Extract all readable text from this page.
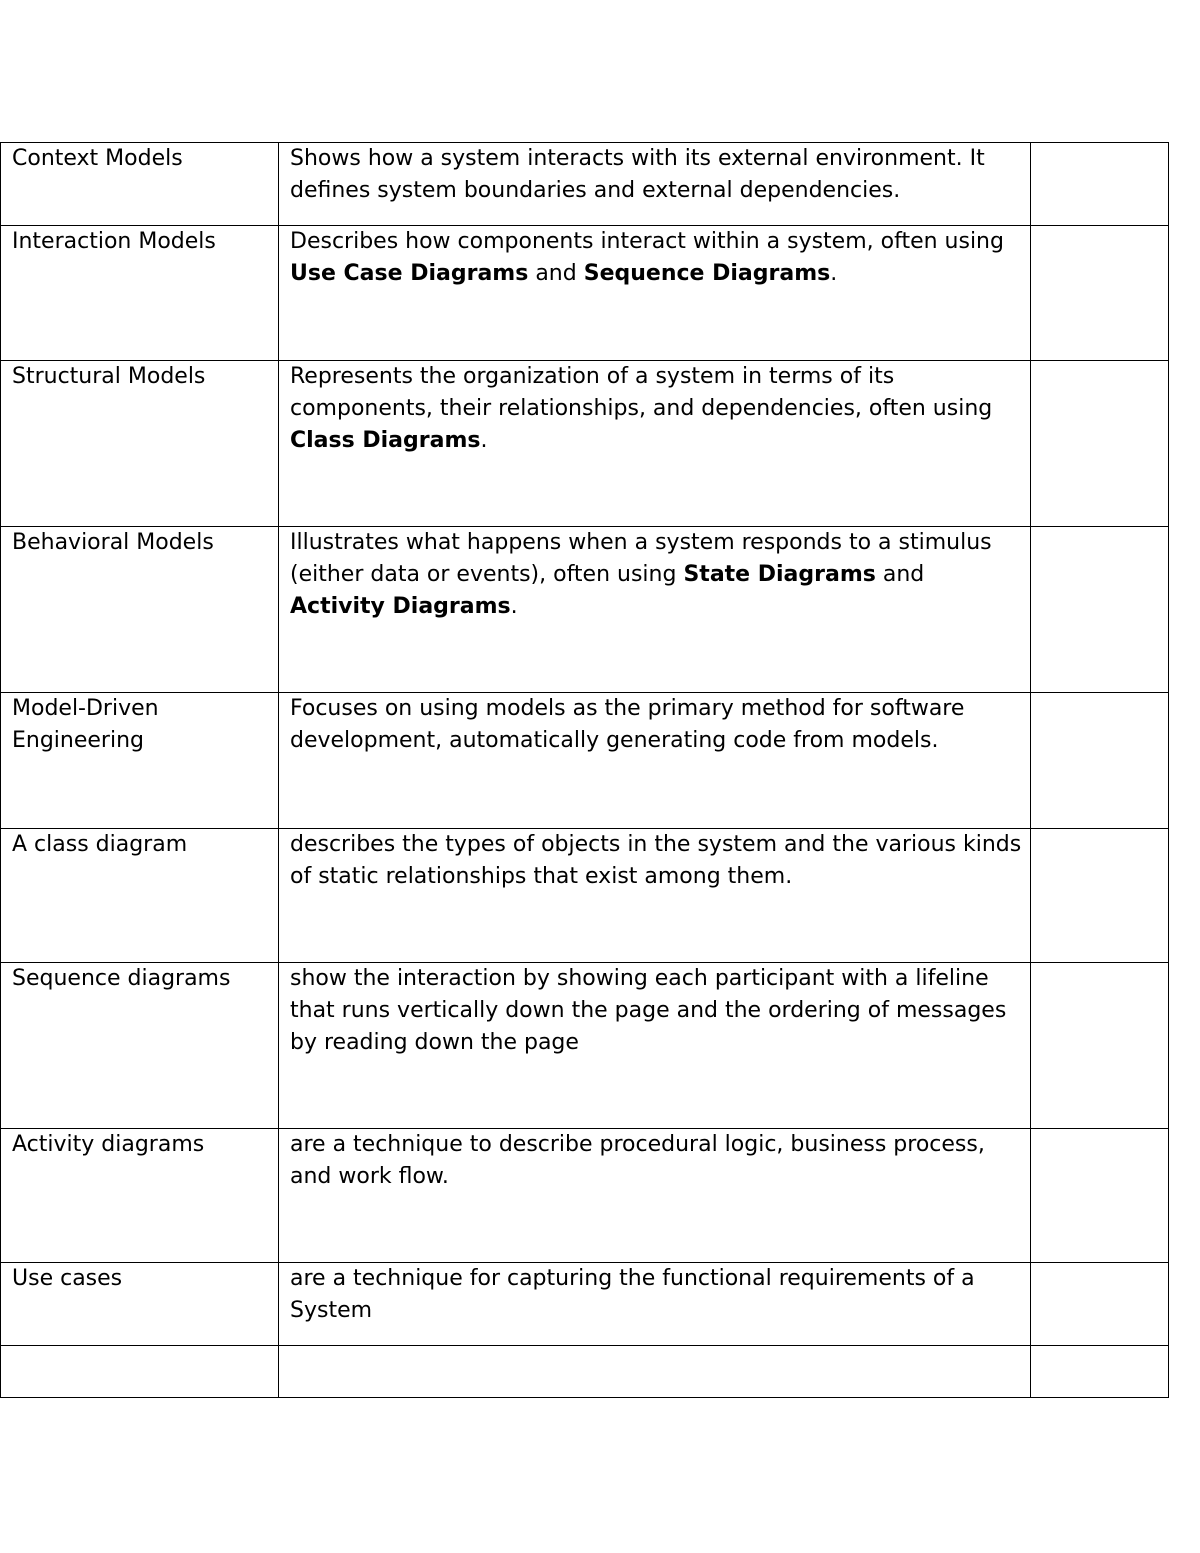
Context Models	Shows how a system interacts with its external environment. It defines system boundaries and external dependencies.	
Interaction Models	Describes how components interact within a system, often using Use Case Diagrams and Sequence Diagrams.	
Structural Models	Represents the organization of a system in terms of its components, their relationships, and dependencies, often using Class Diagrams.	
Behavioral Models	Illustrates what happens when a system responds to a stimulus (either data or events), often using State Diagrams and Activity Diagrams.	
Model-Driven Engineering	Focuses on using models as the primary method for software development, automatically generating code from models.	
A class diagram	describes the types of objects in the system and the various kinds of static relationships that exist among them.	
Sequence diagrams	show the interaction by showing each participant with a lifeline that runs vertically down the page and the ordering of messages by reading down the page	
Activity diagrams	are a technique to describe procedural logic, business process, and work flow.	
Use cases	are a technique for capturing the functional requirements of a System	
